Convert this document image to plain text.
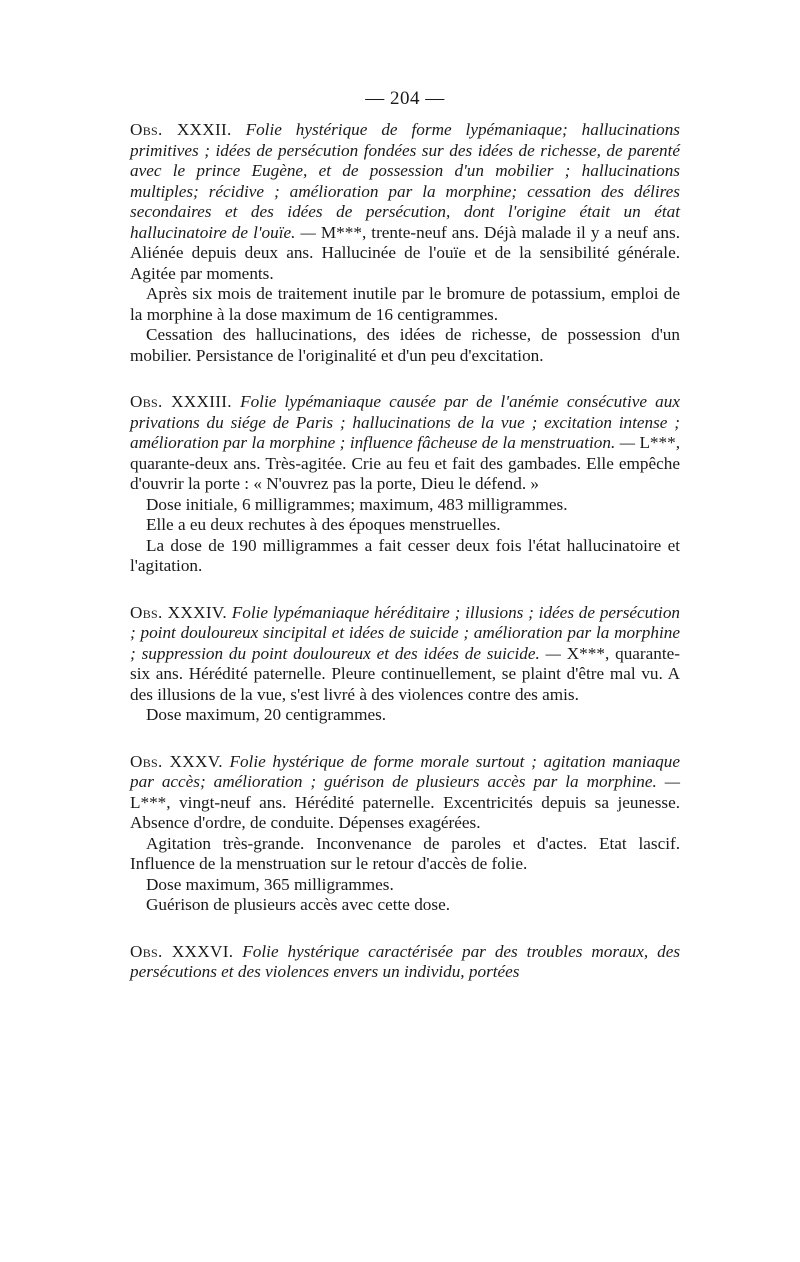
— 204 —

Obs. XXXII. Folie hystérique de forme lypémaniaque; hallucinations primitives ; idées de persécution fondées sur des idées de richesse, de parenté avec le prince Eugène, et de possession d'un mobilier ; hallucinations multiples; récidive ; amélioration par la morphine; cessation des délires secondaires et des idées de persécution, dont l'origine était un état hallucinatoire de l'ouïe. — M***, trente-neuf ans. Déjà malade il y a neuf ans. Aliénée depuis deux ans. Hallucinée de l'ouïe et de la sensibilité générale. Agitée par moments.

Après six mois de traitement inutile par le bromure de potassium, emploi de la morphine à la dose maximum de 16 centigrammes.

Cessation des hallucinations, des idées de richesse, de possession d'un mobilier. Persistance de l'originalité et d'un peu d'excitation.

Obs. XXXIII. Folie lypémaniaque causée par de l'anémie consécutive aux privations du siége de Paris ; hallucinations de la vue ; excitation intense ; amélioration par la morphine ; influence fâcheuse de la menstruation. — L***, quarante-deux ans. Très-agitée. Crie au feu et fait des gambades. Elle empêche d'ouvrir la porte : « N'ouvrez pas la porte, Dieu le défend. »

Dose initiale, 6 milligrammes; maximum, 483 milligrammes.

Elle a eu deux rechutes à des époques menstruelles.

La dose de 190 milligrammes a fait cesser deux fois l'état hallucinatoire et l'agitation.

Obs. XXXIV. Folie lypémaniaque héréditaire ; illusions ; idées de persécution ; point douloureux sincipital et idées de suicide ; amélioration par la morphine ; suppression du point douloureux et des idées de suicide. — X***, quarante-six ans. Hérédité paternelle. Pleure continuellement, se plaint d'être mal vu. A des illusions de la vue, s'est livré à des violences contre des amis.

Dose maximum, 20 centigrammes.

Obs. XXXV. Folie hystérique de forme morale surtout ; agitation maniaque par accès; amélioration ; guérison de plusieurs accès par la morphine. — L***, vingt-neuf ans. Hérédité paternelle. Excentricités depuis sa jeunesse. Absence d'ordre, de conduite. Dépenses exagérées.

Agitation très-grande. Inconvenance de paroles et d'actes. Etat lascif. Influence de la menstruation sur le retour d'accès de folie.

Dose maximum, 365 milligrammes.

Guérison de plusieurs accès avec cette dose.

Obs. XXXVI. Folie hystérique caractérisée par des troubles moraux, des persécutions et des violences envers un individu, portées
